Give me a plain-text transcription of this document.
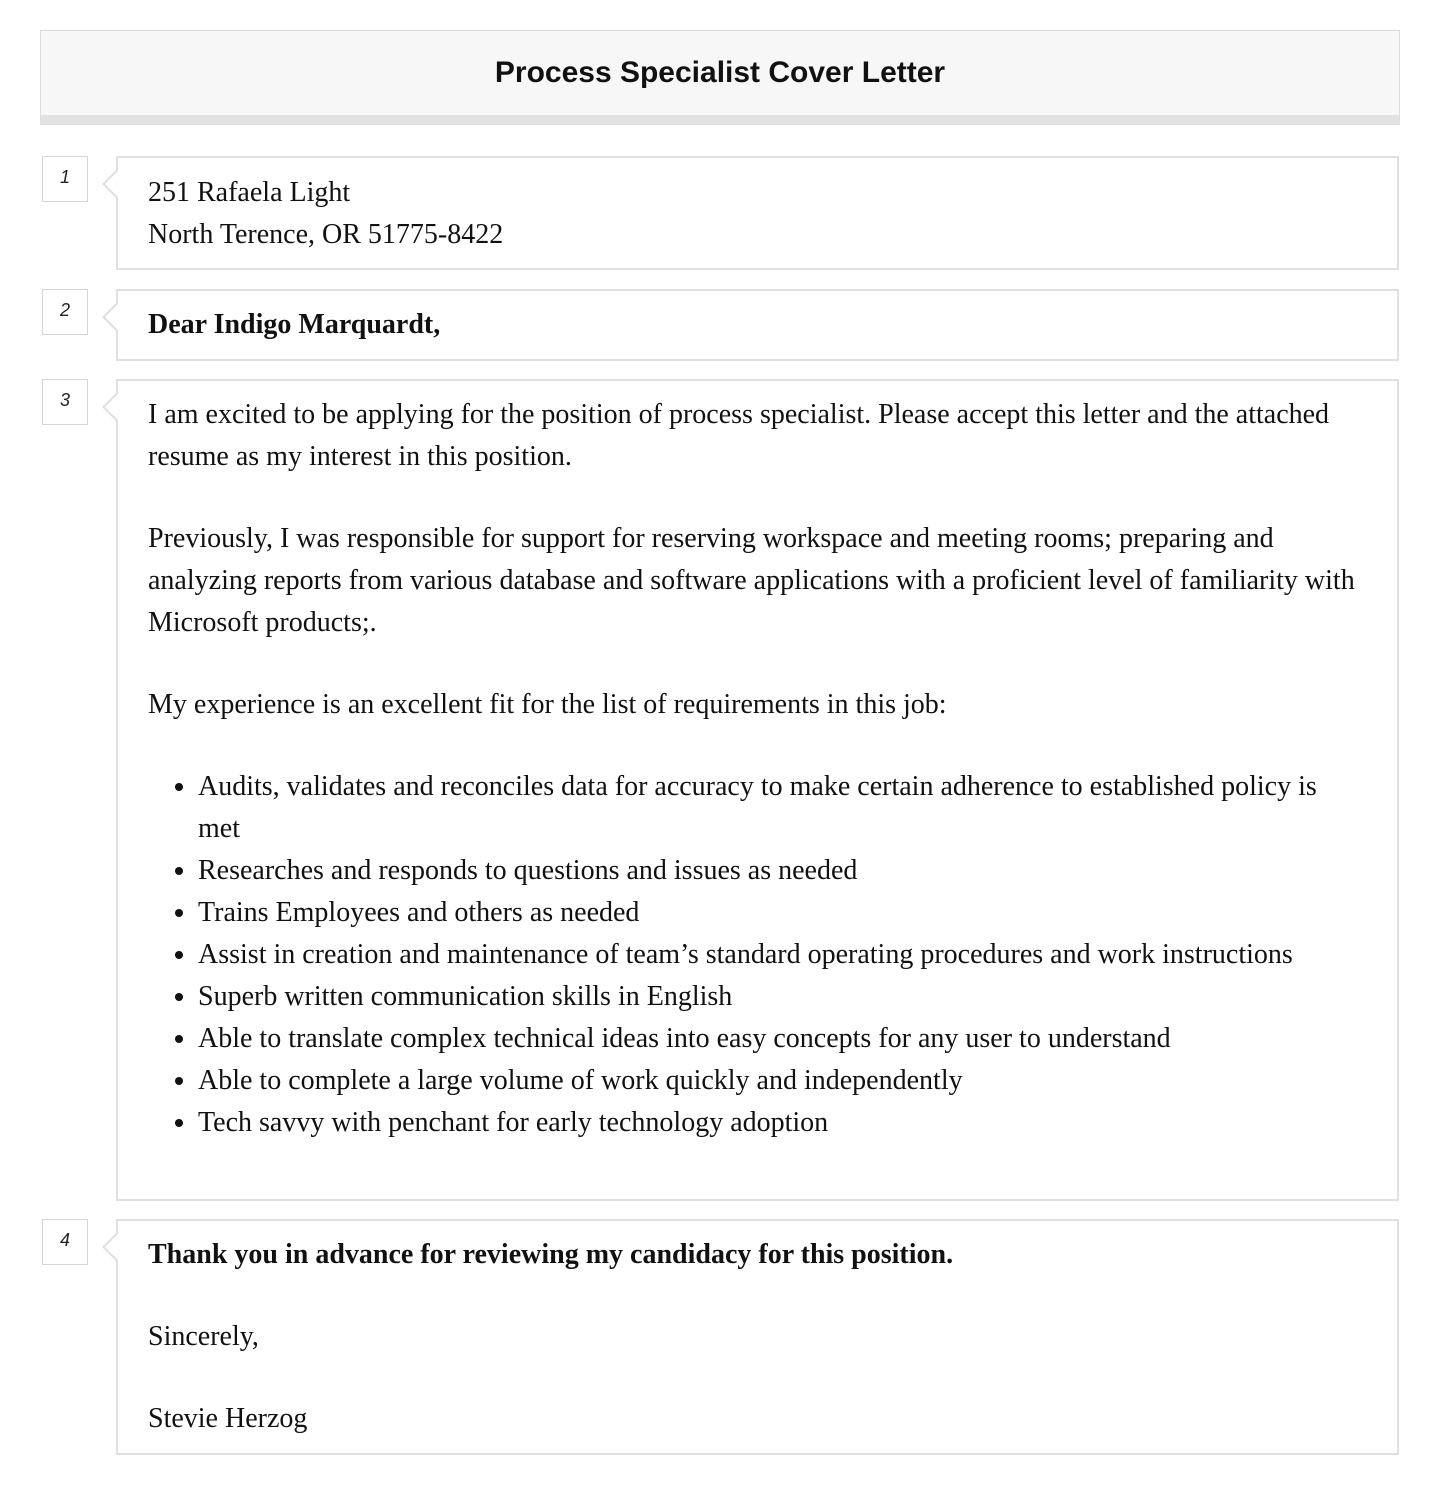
Process Specialist Cover Letter
1	251 Rafaela Light
North Terence, OR 51775-8422
2	Dear Indigo Marquardt,
3	I am excited to be applying for the position of process specialist. Please accept this letter and the attached resume as my interest in this position.

Previously, I was responsible for support for reserving workspace and meeting rooms; preparing and analyzing reports from various database and software applications with a proficient level of familiarity with Microsoft products;.

My experience is an excellent fit for the list of requirements in this job:

• Audits, validates and reconciles data for accuracy to make certain adherence to established policy is met
• Researches and responds to questions and issues as needed
• Trains Employees and others as needed
• Assist in creation and maintenance of team’s standard operating procedures and work instructions
• Superb written communication skills in English
• Able to translate complex technical ideas into easy concepts for any user to understand
• Able to complete a large volume of work quickly and independently
• Tech savvy with penchant for early technology adoption
4	Thank you in advance for reviewing my candidacy for this position.

Sincerely,

Stevie Herzog
